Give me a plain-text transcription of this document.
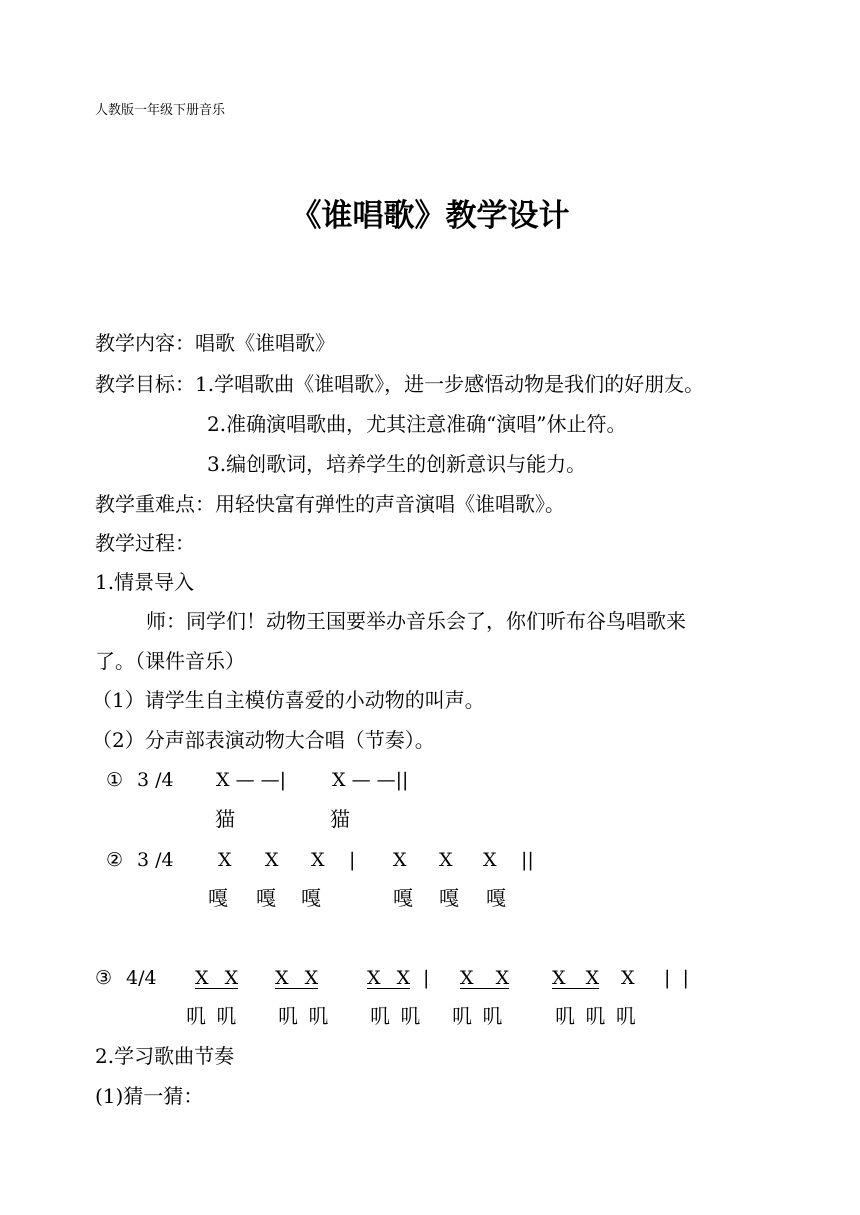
人教版一年级下册音乐
《谁唱歌》教学设计
教学内容：唱歌《谁唱歌》
教学目标：1.学唱歌曲《谁唱歌》，进一步感悟动物是我们的好朋友。
2.准确演唱歌曲，尤其注意准确“演唱”休止符。
3.编创歌词，培养学生的创新意识与能力。
教学重难点：用轻快富有弹性的声音演唱《谁唱歌》。
教学过程：
1.情景导入
师：同学们！动物王国要举办音乐会了，你们听布谷鸟唱歌来
了。（课件音乐）
（1）请学生自主模仿喜爱的小动物的叫声。
（2）分声部表演动物大合唱（节奏）。
① 3 /4 X — —| X — —||
猫	猫
② 3 /4 X X X | X X X ||
嘎 嘎 嘎	嘎 嘎 嘎
③ 4/4 X X X X	X X | X X X X X | |
叽 叽 叽 叽 叽 叽 叽 叽	叽 叽 叽
2.学习歌曲节奏
(1)猜一猜：
